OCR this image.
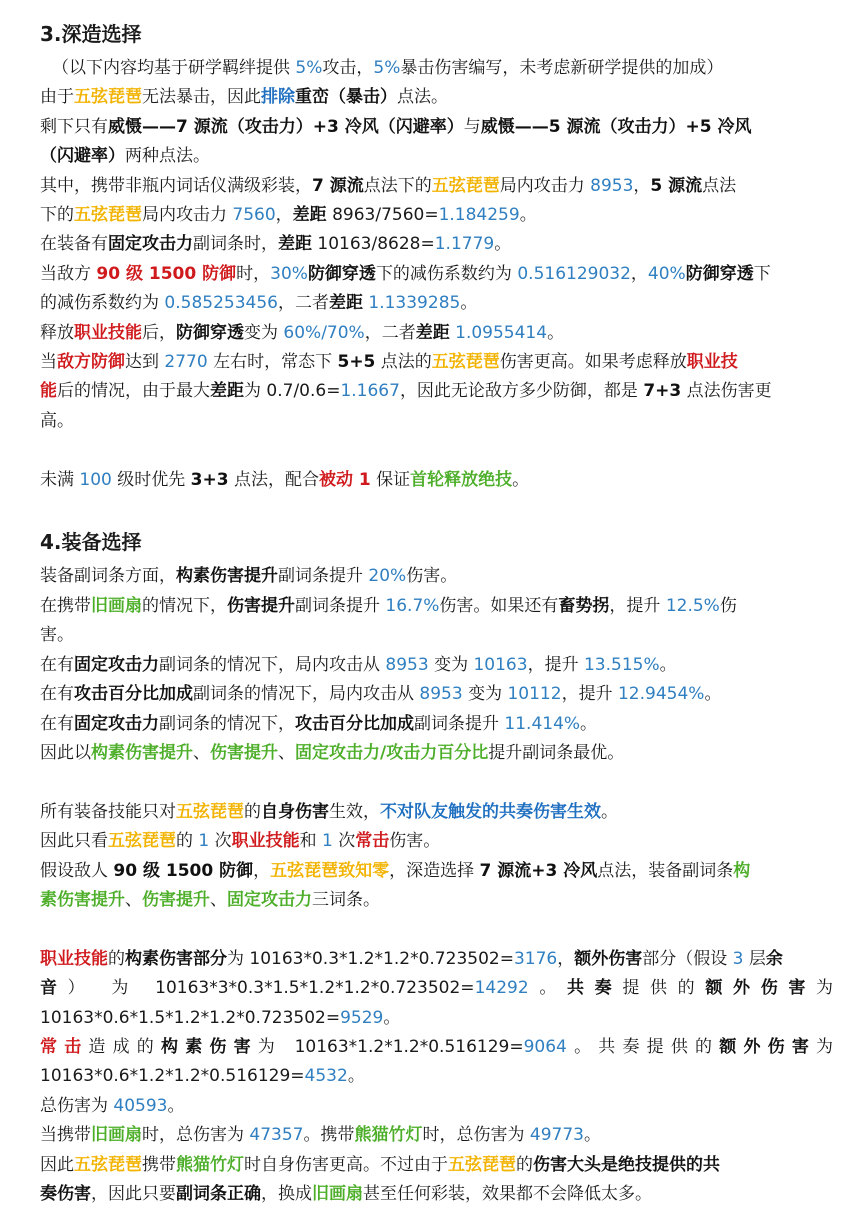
3.深造选择
（以下内容均基于研学羁绊提供 5%攻击，5%暴击伤害编写，未考虑新研学提供的加成）
由于五弦琵琶无法暴击，因此排除重峦（暴击）点法。
剩下只有威慑——7 源流（攻击力）+3 冷风（闪避率）与威慑——5 源流（攻击力）+5 冷风
（闪避率）两种点法。
其中，携带非瓶内词话仪满级彩装，7 源流点法下的五弦琵琶局内攻击力 8953，5 源流点法
下的五弦琵琶局内攻击力 7560，差距 8963/7560=1.184259。
在装备有固定攻击力副词条时，差距 10163/8628=1.1779。
当敌方 90 级 1500 防御时，30%防御穿透下的减伤系数约为 0.516129032，40%防御穿透下
的减伤系数约为 0.585253456，二者差距 1.1339285。
释放职业技能后，防御穿透变为 60%/70%，二者差距 1.0955414。
当敌方防御达到 2770 左右时，常态下 5+5 点法的五弦琵琶伤害更高。如果考虑释放职业技
能后的情况，由于最大差距为 0.7/0.6=1.1667，因此无论敌方多少防御，都是 7+3 点法伤害更
高。
未满 100 级时优先 3+3 点法，配合被动 1 保证首轮释放绝技。
4.装备选择
装备副词条方面，构素伤害提升副词条提升 20%伤害。
在携带旧画扇的情况下，伤害提升副词条提升 16.7%伤害。如果还有畜势拐，提升 12.5%伤
害。
在有固定攻击力副词条的情况下，局内攻击从 8953 变为 10163，提升 13.515%。
在有攻击百分比加成副词条的情况下，局内攻击从 8953 变为 10112，提升 12.9454%。
在有固定攻击力副词条的情况下，攻击百分比加成副词条提升 11.414%。
因此以构素伤害提升、伤害提升、固定攻击力/攻击力百分比提升副词条最优。
所有装备技能只对五弦琵琶的自身伤害生效，不对队友触发的共奏伤害生效。
因此只看五弦琵琶的 1 次职业技能和 1 次常击伤害。
假设敌人 90 级 1500 防御，五弦琵琶致知零，深造选择 7 源流+3 冷风点法，装备副词条构
素伤害提升、伤害提升、固定攻击力三词条。
职业技能的构素伤害部分为 10163*0.3*1.2*1.2*0.723502=3176，额外伤害部分（假设 3 层余
音） 为 10163*3*0.3*1.5*1.2*1.2*0.723502=14292。共奏提供的额外伤害为
10163*0.6*1.5*1.2*1.2*0.723502=9529。
常击造成的构素伤害为 10163*1.2*1.2*0.516129=9064。共奏提供的额外伤害为
10163*0.6*1.2*1.2*0.516129=4532。
总伤害为 40593。
当携带旧画扇时，总伤害为 47357。携带熊猫竹灯时，总伤害为 49773。
因此五弦琵琶携带熊猫竹灯时自身伤害更高。不过由于五弦琵琶的伤害大头是绝技提供的共
奏伤害，因此只要副词条正确，换成旧画扇甚至任何彩装，效果都不会降低太多。
